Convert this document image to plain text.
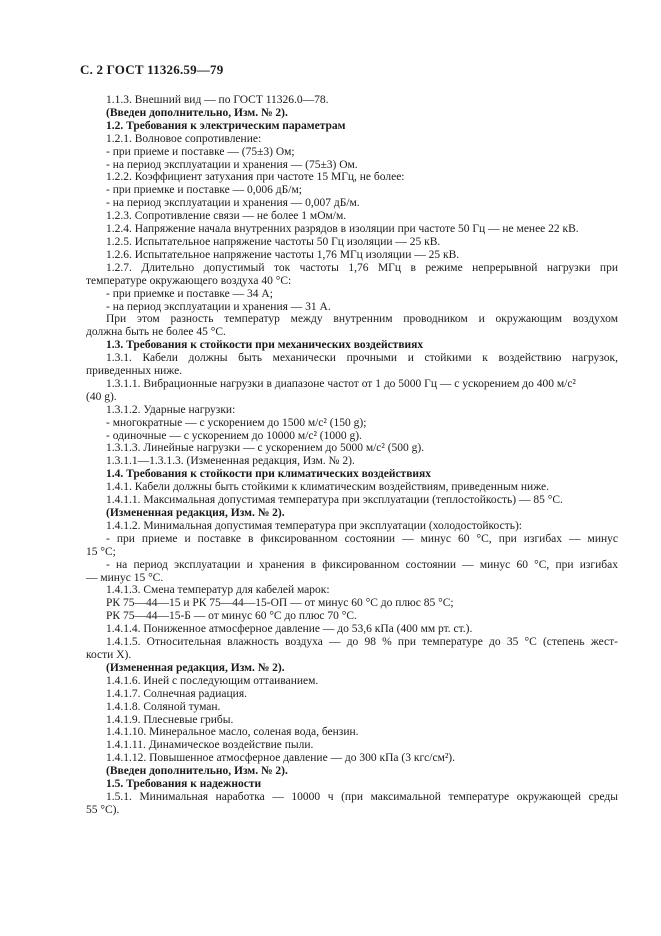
С. 2 ГОСТ 11326.59—79
1.1.3. Внешний вид — по ГОСТ 11326.0—78.
(Введен дополнительно, Изм. № 2).
1.2. Требования к электрическим параметрам
1.2.1. Волновое сопротивление:
- при приеме и поставке — (75±3) Ом;
- на период эксплуатации и хранения — (75±3) Ом.
1.2.2. Коэффициент затухания при частоте 15 МГц, не более:
- при приемке и поставке — 0,006 дБ/м;
- на период эксплуатации и хранения — 0,007 дБ/м.
1.2.3. Сопротивление связи — не более 1 мОм/м.
1.2.4. Напряжение начала внутренних разрядов в изоляции при частоте 50 Гц — не менее 22 кВ.
1.2.5. Испытательное напряжение частоты 50 Гц изоляции — 25 кВ.
1.2.6. Испытательное напряжение частоты 1,76 МГц изоляции — 25 кВ.
1.2.7. Длительно допустимый ток частоты 1,76 МГц в режиме непрерывной нагрузки при
температуре окружающего воздуха 40 °С:
- при приемке и поставке — 34 А;
- на период эксплуатации и хранения — 31 А.
При этом разность температур между внутренним проводником и окружающим воздухом
должна быть не более 45 °С.
1.3. Требования к стойкости при механических воздействиях
1.3.1. Кабели должны быть механически прочными и стойкими к воздействию нагрузок,
приведенных ниже.
1.3.1.1. Вибрационные нагрузки в диапазоне частот от 1 до 5000 Гц — с ускорением до 400 м/с²
(40 g).
1.3.1.2. Ударные нагрузки:
- многократные — с ускорением до 1500 м/с² (150 g);
- одиночные — с ускорением до 10000 м/с² (1000 g).
1.3.1.3. Линейные нагрузки — с ускорением до 5000 м/с² (500 g).
1.3.1.1—1.3.1.3. (Измененная редакция, Изм. № 2).
1.4. Требования к стойкости при климатических воздействиях
1.4.1. Кабели должны быть стойкими к климатическим воздействиям, приведенным ниже.
1.4.1.1. Максимальная допустимая температура при эксплуатации (теплостойкость) — 85 °С.
(Измененная редакция, Изм. № 2).
1.4.1.2. Минимальная допустимая температура при эксплуатации (холодостойкость):
- при приеме и поставке в фиксированном состоянии — минус 60 °С, при изгибах — минус
15 °С;
- на период эксплуатации и хранения в фиксированном состоянии — минус 60 °С, при изгибах
— минус 15 °С.
1.4.1.3. Смена температур для кабелей марок:
РК 75—44—15 и РК 75—44—15-ОП — от минус 60 °С до плюс 85 °С;
РК 75—44—15-Б — от минус 60 °С до плюс 70 °С.
1.4.1.4. Пониженное атмосферное давление — до 53,6 кПа (400 мм рт. ст.).
1.4.1.5. Относительная влажность воздуха — до 98 % при температуре до 35 °С (степень жест-
кости Х).
(Измененная редакция, Изм. № 2).
1.4.1.6. Иней с последующим оттаиванием.
1.4.1.7. Солнечная радиация.
1.4.1.8. Соляной туман.
1.4.1.9. Плесневые грибы.
1.4.1.10. Минеральное масло, соленая вода, бензин.
1.4.1.11. Динамическое воздействие пыли.
1.4.1.12. Повышенное атмосферное давление — до 300 кПа (3 кгс/см²).
(Введен дополнительно, Изм. № 2).
1.5. Требования к надежности
1.5.1. Минимальная наработка — 10000 ч (при максимальной температуре окружающей среды
55 °С).
